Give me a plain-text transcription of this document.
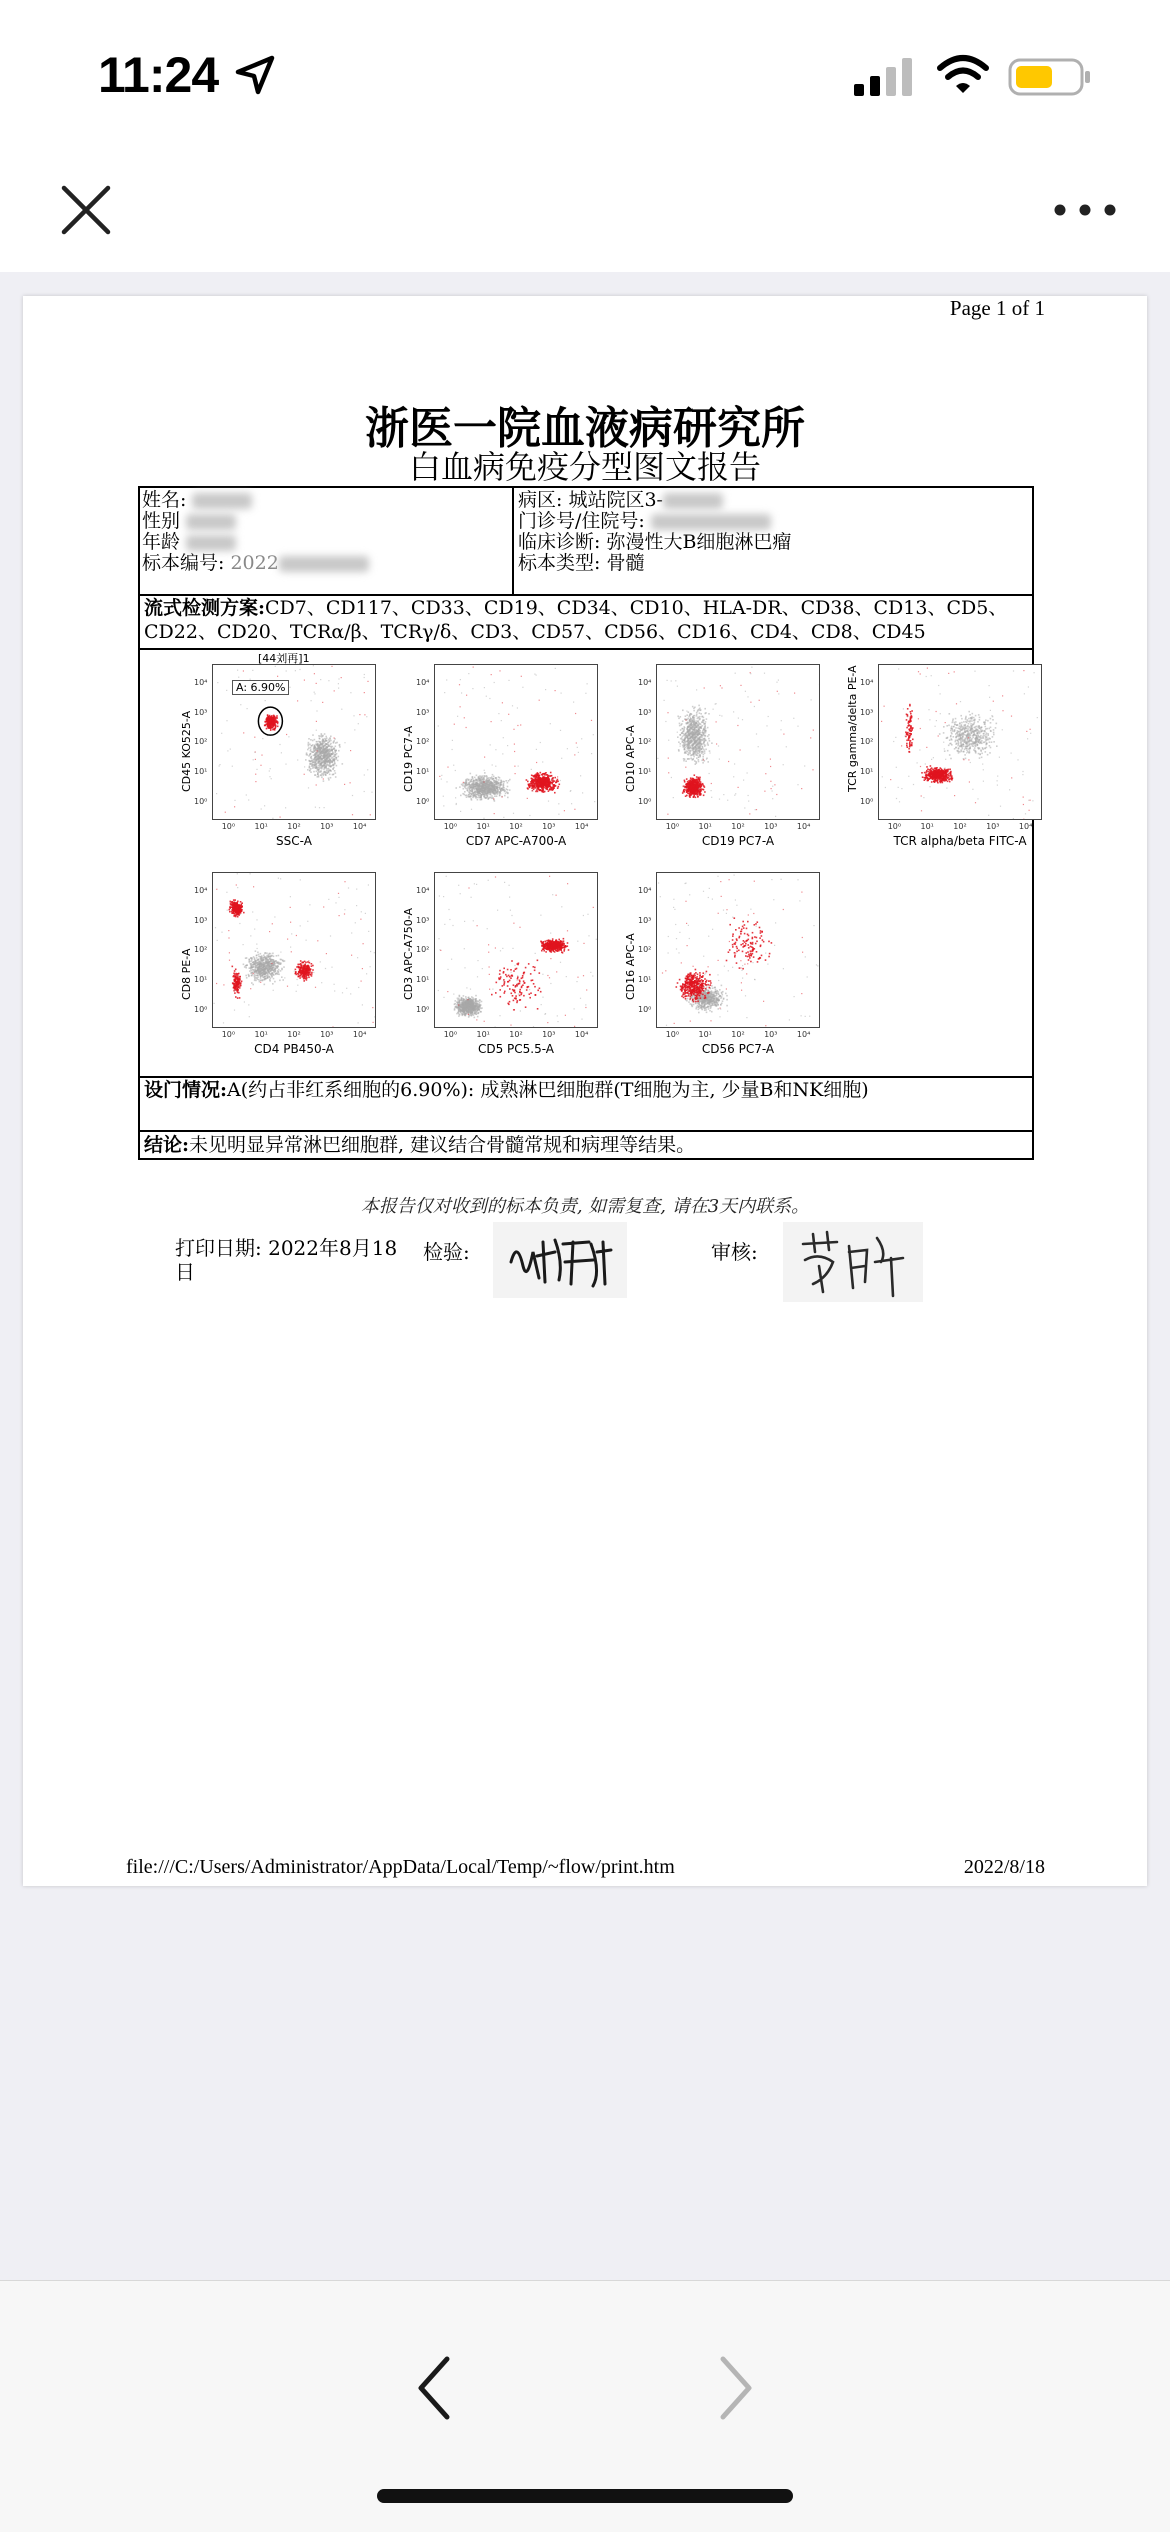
11:24
Page 1 of 1
浙医一院血液病研究所
白血病免疫分型图文报告
姓名:
性别
年龄
标本编号: 2022
病区: 城站院区3-
门诊号/住院号:
临床诊断: 弥漫性大B细胞淋巴瘤
标本类型: 骨髓
流式检测方案:CD7、CD117、CD33、CD19、CD34、CD10、HLA-DR、CD38、CD13、CD5、CD22、CD20、TCRα/β、TCRγ/δ、CD3、CD57、CD56、CD16、CD4、CD8、CD45
10⁰ 10¹ 10² 10³ 10⁴
10⁰
10¹
10²
10³
10⁴
SSC-A
CD45 KO525-A
[44刘再]1
A: 6.90%
10⁰ 10¹ 10² 10³ 10⁴
10⁰
10¹
10²
10³
10⁴
CD7 APC-A700-A
CD19 PC7-A
10⁰ 10¹ 10² 10³ 10⁴
10⁰
10¹
10²
10³
10⁴
CD19 PC7-A
CD10 APC-A
10⁰ 10¹ 10² 10³ 10⁴
10⁰
10¹
10²
10³
10⁴
TCR alpha/beta FITC-A
TCR gamma/delta PE-A
10⁰ 10¹ 10² 10³ 10⁴
10⁰
10¹
10²
10³
10⁴
CD4 PB450-A
CD8 PE-A
10⁰ 10¹ 10² 10³ 10⁴
10⁰
10¹
10²
10³
10⁴
CD5 PC5.5-A
CD3 APC-A750-A
10⁰ 10¹ 10² 10³ 10⁴
10⁰
10¹
10²
10³
10⁴
CD56 PC7-A
CD16 APC-A
设门情况:A(约占非红系细胞的6.90%): 成熟淋巴细胞群(T细胞为主, 少量B和NK细胞)
结论:未见明显异常淋巴细胞群, 建议结合骨髓常规和病理等结果。
本报告仅对收到的标本负责, 如需复查, 请在3天内联系。
打印日期: 2022年8月18日
检验:	审核:
file:///C:/Users/Administrator/AppData/Local/Temp/~flow/print.htm	2022/8/18
